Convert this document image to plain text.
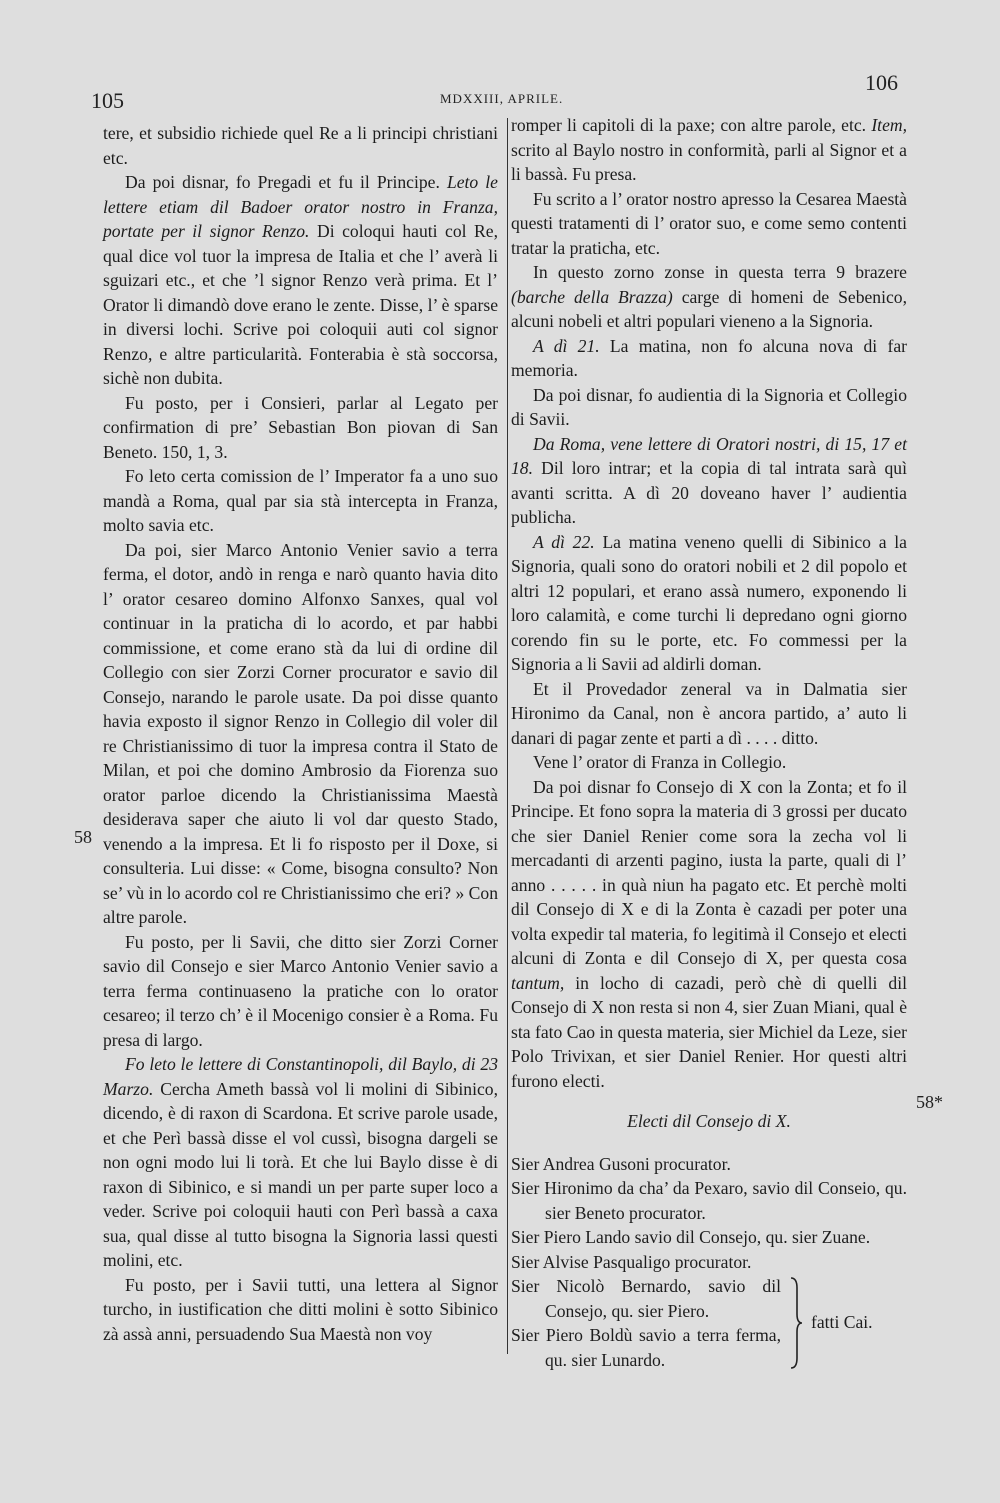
105	MDXXIII, APRILE.
106
58
58*

tere, et subsidio richiede quel Re a li principi christiani etc.

Da poi disnar, fo Pregadi et fu il Principe. Leto le lettere etiam dil Badoer orator nostro in Franza, portate per il signor Renzo. Di coloqui hauti col Re, qual dice vol tuor la impresa de Italia et che l’ averà li sguizari etc., et che ’l signor Renzo verà prima. Et l’ Orator li dimandò dove erano le zente. Disse, l’ è sparse in diversi lochi. Scrive poi coloquii auti col signor Renzo, e altre particularità. Fonterabia è stà soccorsa, sichè non dubita.

Fu posto, per i Consieri, parlar al Legato per confirmation di pre’ Sebastian Bon piovan di San Beneto. 150, 1, 3.

Fo leto certa comission de l’ Imperator fa a uno suo mandà a Roma, qual par sia stà intercepta in Franza, molto savia etc.

Da poi, sier Marco Antonio Venier savio a terra ferma, el dotor, andò in renga e narò quanto havia dito l’ orator cesareo domino Alfonxo Sanxes, qual vol continuar in la praticha di lo acordo, et par habbi commissione, et come erano stà da lui di ordine dil Collegio con sier Zorzi Corner procurator e savio dil Consejo, narando le parole usate. Da poi disse quanto havia exposto il signor Renzo in Collegio dil voler dil re Christianissimo di tuor la impresa contra il Stato de Milan, et poi che domino Ambrosio da Fiorenza suo orator parloe dicendo la Christianissima Maestà desiderava saper che aiuto li vol dar questo Stado, venendo a la impresa. Et li fo risposto per il Doxe, si consulteria. Lui disse: « Come, bisogna consulto? Non se’ vù in lo acordo col re Christianissimo che eri? » Con altre parole.

Fu posto, per li Savii, che ditto sier Zorzi Corner savio dil Consejo e sier Marco Antonio Venier savio a terra ferma continuaseno la pratiche con lo orator cesareo; il terzo ch’ è il Mocenigo consier è a Roma. Fu presa di largo.

Fo leto le lettere di Constantinopoli, dil Baylo, di 23 Marzo. Cercha Ameth bassà vol li molini di Sibinico, dicendo, è di raxon di Scardona. Et scrive parole usade, et che Perì bassà disse el vol cussì, bisogna dargeli se non ogni modo lui li torà. Et che lui Baylo disse è di raxon di Sibinico, e si mandi un per parte super loco a veder. Scrive poi coloquii hauti con Perì bassà a caxa sua, qual disse al tutto bisogna la Signoria lassi questi molini, etc.

Fu posto, per i Savii tutti, una lettera al Signor turcho, in iustification che ditti molini è sotto Sibinico zà assà anni, persuadendo Sua Maestà non voy

romper li capitoli di la paxe; con altre parole, etc. Item, scrito al Baylo nostro in conformità, parli al Signor et a li bassà. Fu presa.

Fu scrito a l’ orator nostro apresso la Cesarea Maestà questi tratamenti di l’ orator suo, e come semo contenti tratar la praticha, etc.

In questo zorno zonse in questa terra 9 brazere (barche della Brazza) carge di homeni de Sebenico, alcuni nobeli et altri populari vieneno a la Signoria.

A dì 21. La matina, non fo alcuna nova di far memoria.

Da poi disnar, fo audientia di la Signoria et Collegio di Savii.

Da Roma, vene lettere di Oratori nostri, di 15, 17 et 18. Dil loro intrar; et la copia di tal intrata sarà quì avanti scritta. A dì 20 doveano haver l’ audientia publicha.

A dì 22. La matina veneno quelli di Sibinico a la Signoria, quali sono do oratori nobili et 2 dil popolo et altri 12 populari, et erano assà numero, exponendo li loro calamità, e come turchi li depredano ogni giorno corendo fin su le porte, etc. Fo commessi per la Signoria a li Savii ad aldirli doman.

Et il Provedador zeneral va in Dalmatia sier Hironimo da Canal, non è ancora partido, a’ auto li danari di pagar zente et parti a dì . . . . ditto.

Vene l’ orator di Franza in Collegio.

Da poi disnar fo Consejo di X con la Zonta; et fo il Principe. Et fono sopra la materia di 3 grossi per ducato che sier Daniel Renier come sora la zecha vol li mercadanti di arzenti pagino, iusta la parte, quali di l’ anno . . . . . in quà niun ha pagato etc. Et perchè molti dil Consejo di X e di la Zonta è cazadi per poter una volta expedir tal materia, fo legitimà il Consejo et electi alcuni di Zonta e dil Consejo di X, per questa cosa tantum, in locho di cazadi, però chè di quelli dil Consejo di X non resta si non 4, sier Zuan Miani, qual è sta fato Cao in questa materia, sier Michiel da Leze, sier Polo Trivixan, et sier Daniel Renier. Hor questi altri furono electi.

Electi dil Consejo di X.

Sier Andrea Gusoni procurator.

Sier Hironimo da cha’ da Pexaro, savio dil Conseio, qu. sier Beneto procurator.

Sier Piero Lando savio dil Consejo, qu. sier Zuane.

Sier Alvise Pasqualigo procurator.

Sier Nicolò Bernardo, savio dil Consejo, qu. sier Piero.

Sier Piero Boldù savio a terra ferma, qu. sier Lunardo.

fatti Cai.
